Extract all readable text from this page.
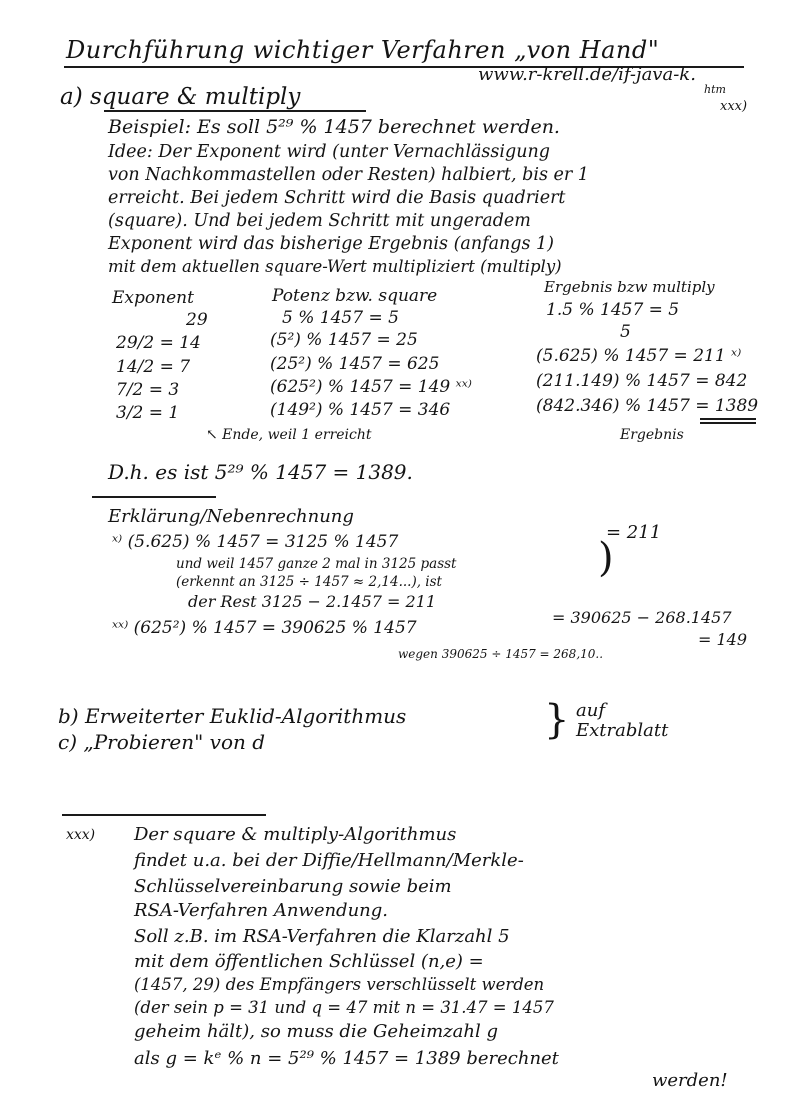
Durchführung wichtiger Verfahren „von Hand"
www.r-krell.de/if-java-k.
htm
xxx)
a) square & multiply
Beispiel: Es soll 5²⁹ % 1457 berechnet werden.
Idee: Der Exponent wird (unter Vernachlässigung
von Nachkommastellen oder Resten) halbiert, bis er 1
erreicht. Bei jedem Schritt wird die Basis quadriert
(square). Und bei jedem Schritt mit ungeradem
Exponent wird das bisherige Ergebnis (anfangs 1)
mit dem aktuellen square-Wert multipliziert (multiply)
Exponent	Potenz bzw. square	Ergebnis bzw multiply
29	5 % 1457 = 5	1.5 % 1457 = 5
29/2 = 14	(5²) % 1457 = 25	5
14/2 = 7	(25²) % 1457 = 625	(5.625) % 1457 = 211 ˣ⁾
7/2 = 3	(625²) % 1457 = 149 ˣˣ⁾	(211.149) % 1457 = 842
3/2 = 1	(149²) % 1457 = 346	(842.346) % 1457 = 1389
↖ Ende, weil 1 erreicht	Ergebnis
D.h. es ist 5²⁹ % 1457 = 1389.
Erklärung/Nebenrechnung
ˣ⁾ (5.625) % 1457 = 3125 % 1457	= 211
und weil 1457 ganze 2 mal in 3125 passt
(erkennt an 3125 ÷ 1457 ≈ 2,14...), ist
der Rest 3125 − 2.1457 = 211
)
ˣˣ⁾ (625²) % 1457 = 390625 % 1457
= 390625 − 268.1457
= 149
wegen 390625 ÷ 1457 = 268,10..
b) Erweiterter Euklid-Algorithmus
c) „Probieren" von d	} auf
Extrablatt
xxx) Der square & multiply-Algorithmus
findet u.a. bei der Diffie/Hellmann/Merkle-
Schlüsselvereinbarung sowie beim
RSA-Verfahren Anwendung.
Soll z.B. im RSA-Verfahren die Klarzahl 5
mit dem öffentlichen Schlüssel (n,e) =
(1457, 29) des Empfängers verschlüsselt werden
(der sein p = 31 und q = 47 mit n = 31.47 = 1457
geheim hält), so muss die Geheimzahl g
als g = kᵉ % n = 5²⁹ % 1457 = 1389 berechnet
werden!
